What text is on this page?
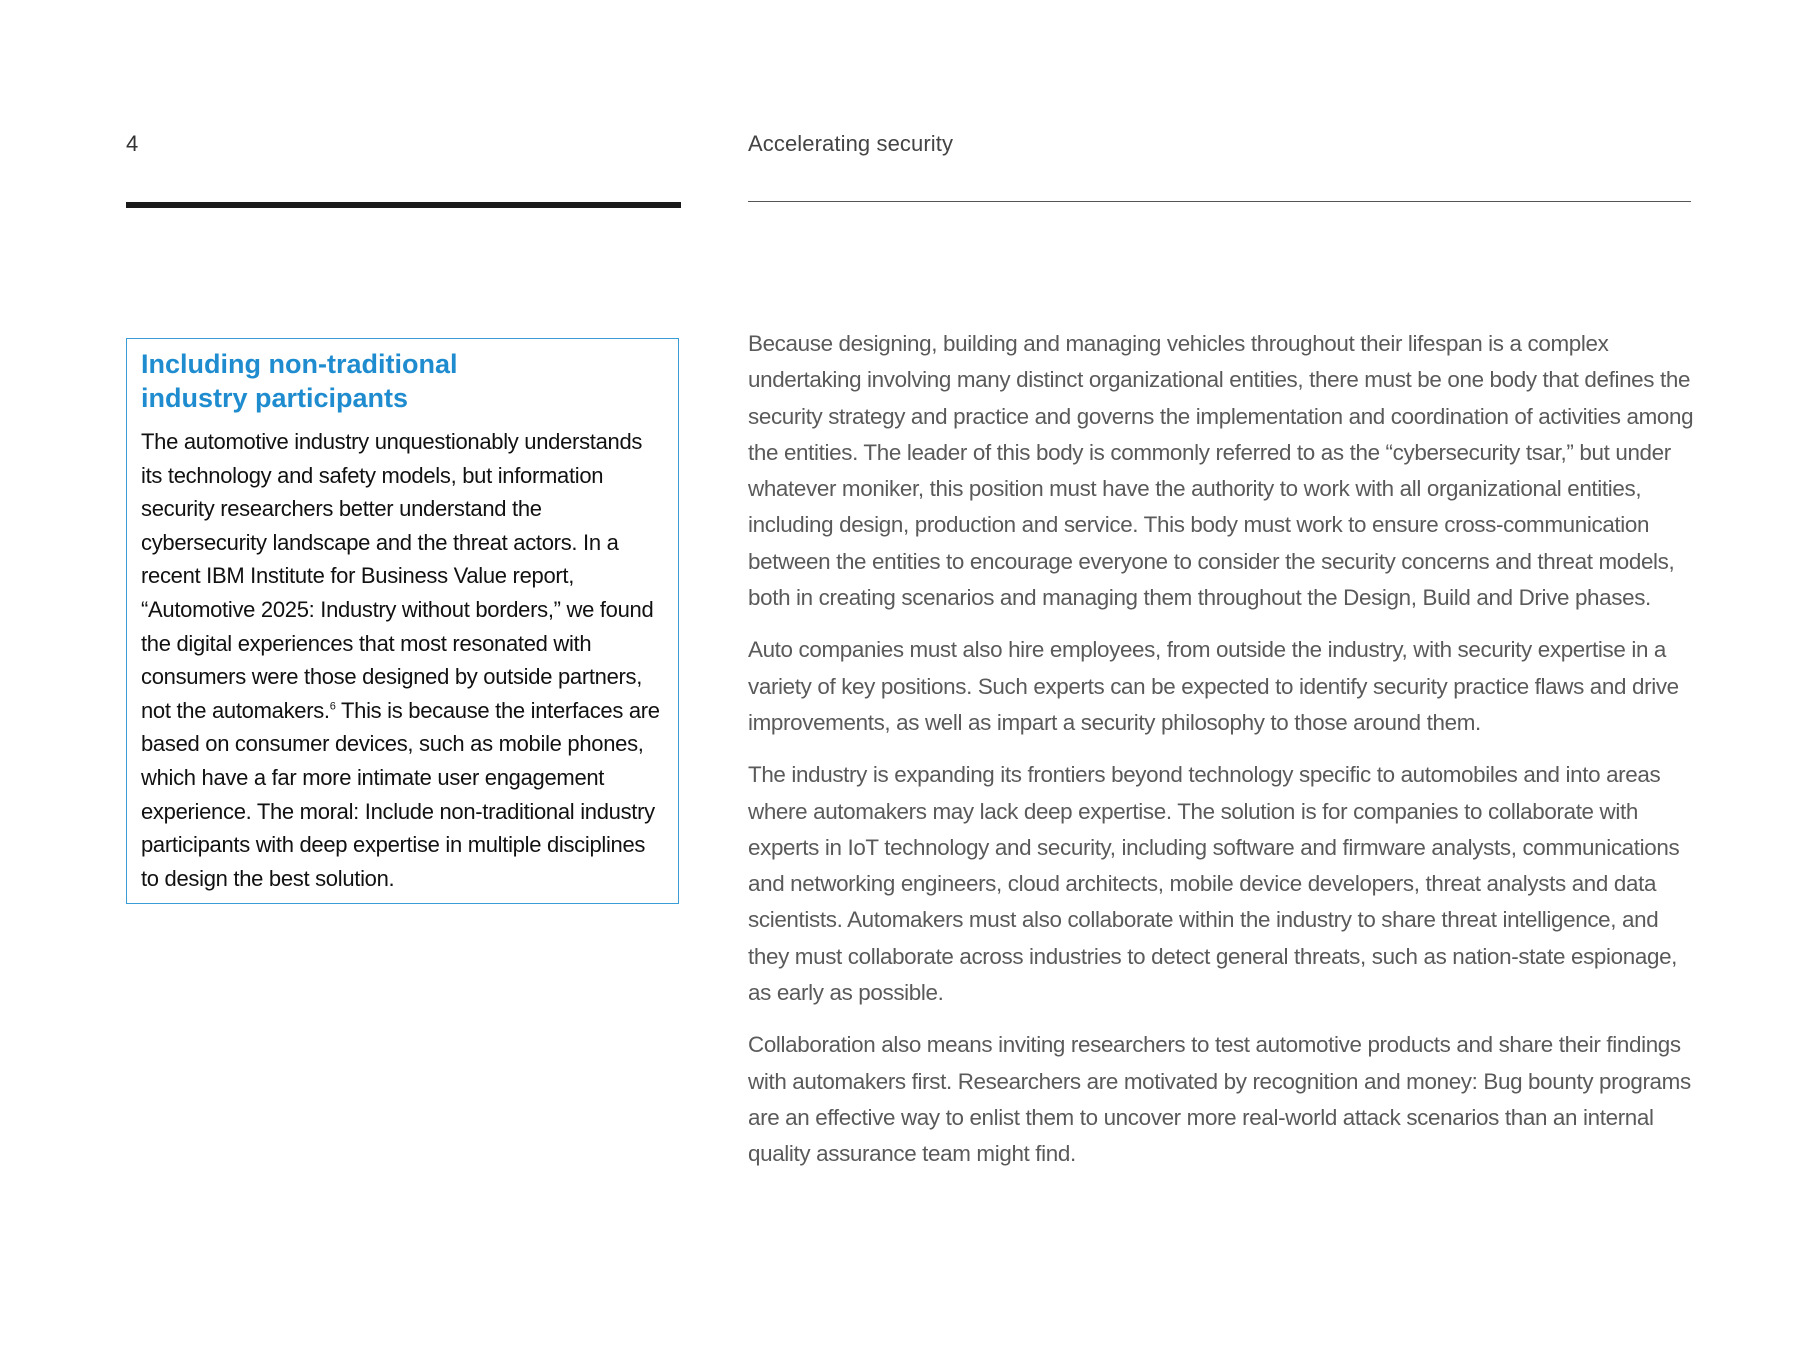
4	Accelerating security
Including non-traditional industry participants

The automotive industry unquestionably understands its technology and safety models, but information security researchers better understand the cybersecurity landscape and the threat actors. In a recent IBM Institute for Business Value report, “Automotive 2025: Industry without borders,” we found the digital experiences that most resonated with consumers were those designed by outside partners, not the automakers.$^6$ This is because the interfaces are based on consumer devices, such as mobile phones, which have a far more intimate user engagement experience. The moral: Include non-traditional industry participants with deep expertise in multiple disciplines to design the best solution.

Because designing, building and managing vehicles throughout their lifespan is a complex undertaking involving many distinct organizational entities, there must be one body that defines the security strategy and practice and governs the implementation and coordination of activities among the entities. The leader of this body is commonly referred to as the “cybersecurity tsar,” but under whatever moniker, this position must have the authority to work with all organizational entities, including design, production and service. This body must work to ensure cross-communication between the entities to encourage everyone to consider the security concerns and threat models, both in creating scenarios and managing them throughout the Design, Build and Drive phases.

Auto companies must also hire employees, from outside the industry, with security expertise in a variety of key positions. Such experts can be expected to identify security practice flaws and drive improvements, as well as impart a security philosophy to those around them.

The industry is expanding its frontiers beyond technology specific to automobiles and into areas where automakers may lack deep expertise. The solution is for companies to collaborate with experts in IoT technology and security, including software and firmware analysts, communications and networking engineers, cloud architects, mobile device developers, threat analysts and data scientists. Automakers must also collaborate within the industry to share threat intelligence, and they must collaborate across industries to detect general threats, such as nation-state espionage, as early as possible.

Collaboration also means inviting researchers to test automotive products and share their findings with automakers first. Researchers are motivated by recognition and money: Bug bounty programs are an effective way to enlist them to uncover more real-world attack scenarios than an internal quality assurance team might find.
